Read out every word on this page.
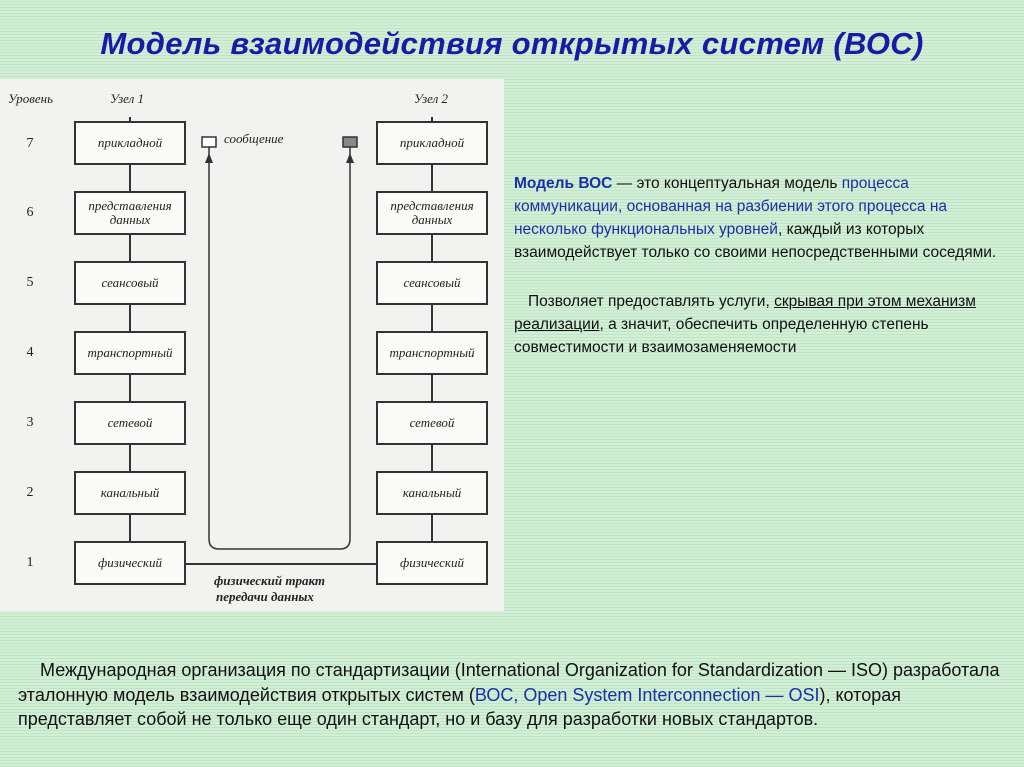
Модель взаимодействия открытых систем (ВОС)
Уровень	Узел 1	Узел 2
сообщение
физический тракт
передачи данных
7
6
5
4
3
2
1
прикладной
представления данных
сеансовый
транспортный
сетевой
канальный
физический
прикладной
представления данных
сеансовый
транспортный
сетевой
канальный
физический

Модель ВОС — это концептуальная модель процесса коммуникации, основанная на разбиении этого процесса на несколько функциональных уровней, каждый из которых взаимодействует только со своими непосредственными соседями.

Позволяет предоставлять услуги, скрывая при этом механизм реализации, а значит, обеспечить определенную степень совместимости и взаимозаменяемости

Международная организация по стандартизации (International Organization for Standardization — ISO) разработала эталонную модель взаимодействия открытых систем (ВОС, Open System Interconnection — OSI), которая представляет собой не только еще один стандарт, но и базу для разработки новых стандартов.
